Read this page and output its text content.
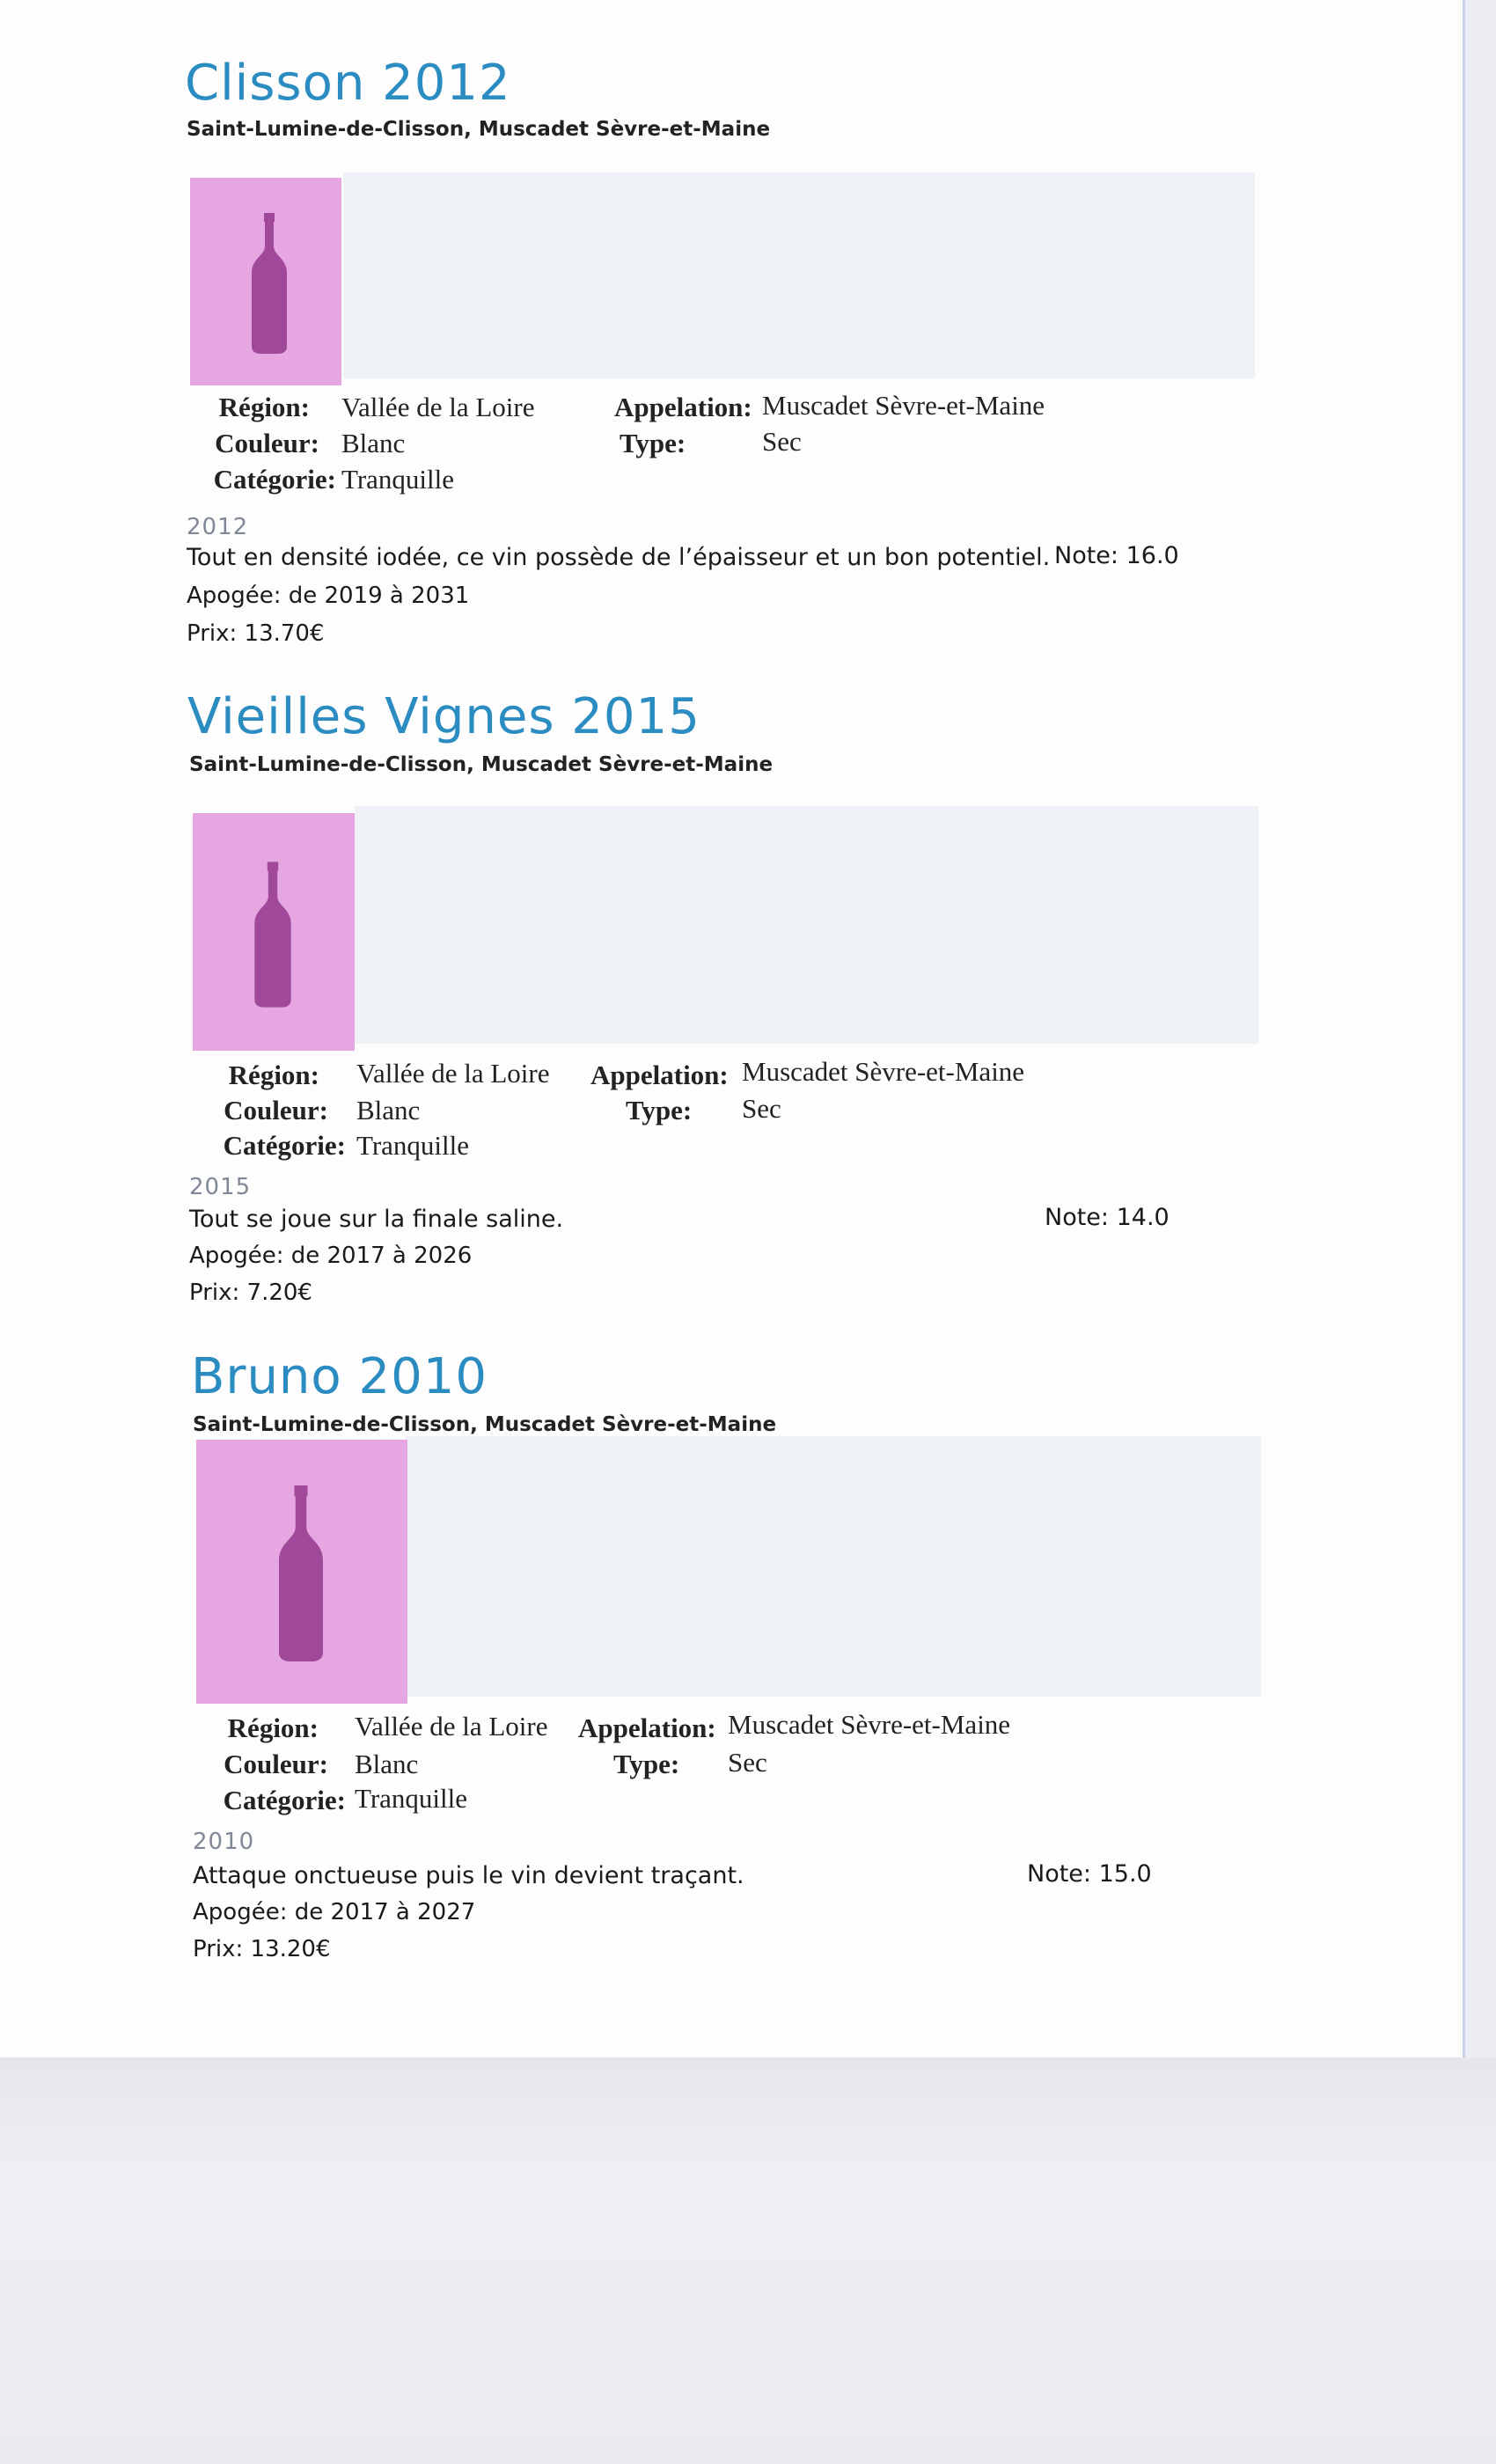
Clisson 2012
Saint-Lumine-de-Clisson, Muscadet Sèvre-et-Maine
Région: Vallée de la Loire
Couleur: Blanc
Catégorie: Tranquille
Appelation: Muscadet Sèvre-et-Maine
Type:	Sec
2012
Tout en densité iodée, ce vin possède de l’épaisseur et un bon potentiel. Note: 16.0
Apogée: de 2019 à 2031
Prix: 13.70€
Vieilles Vignes 2015
Saint-Lumine-de-Clisson, Muscadet Sèvre-et-Maine
Région: Vallée de la Loire
Couleur: Blanc
Catégorie: Tranquille
Appelation: Muscadet Sèvre-et-Maine
Type: Sec
2015
Tout se joue sur la finale saline.	Note: 14.0
Apogée: de 2017 à 2026
Prix: 7.20€
Bruno 2010
Saint-Lumine-de-Clisson, Muscadet Sèvre-et-Maine
Région: Vallée de la Loire
Couleur: Blanc
Catégorie: Tranquille
Appelation: Muscadet Sèvre-et-Maine
Type: Sec
2010
Attaque onctueuse puis le vin devient traçant.	Note: 15.0
Apogée: de 2017 à 2027
Prix: 13.20€
